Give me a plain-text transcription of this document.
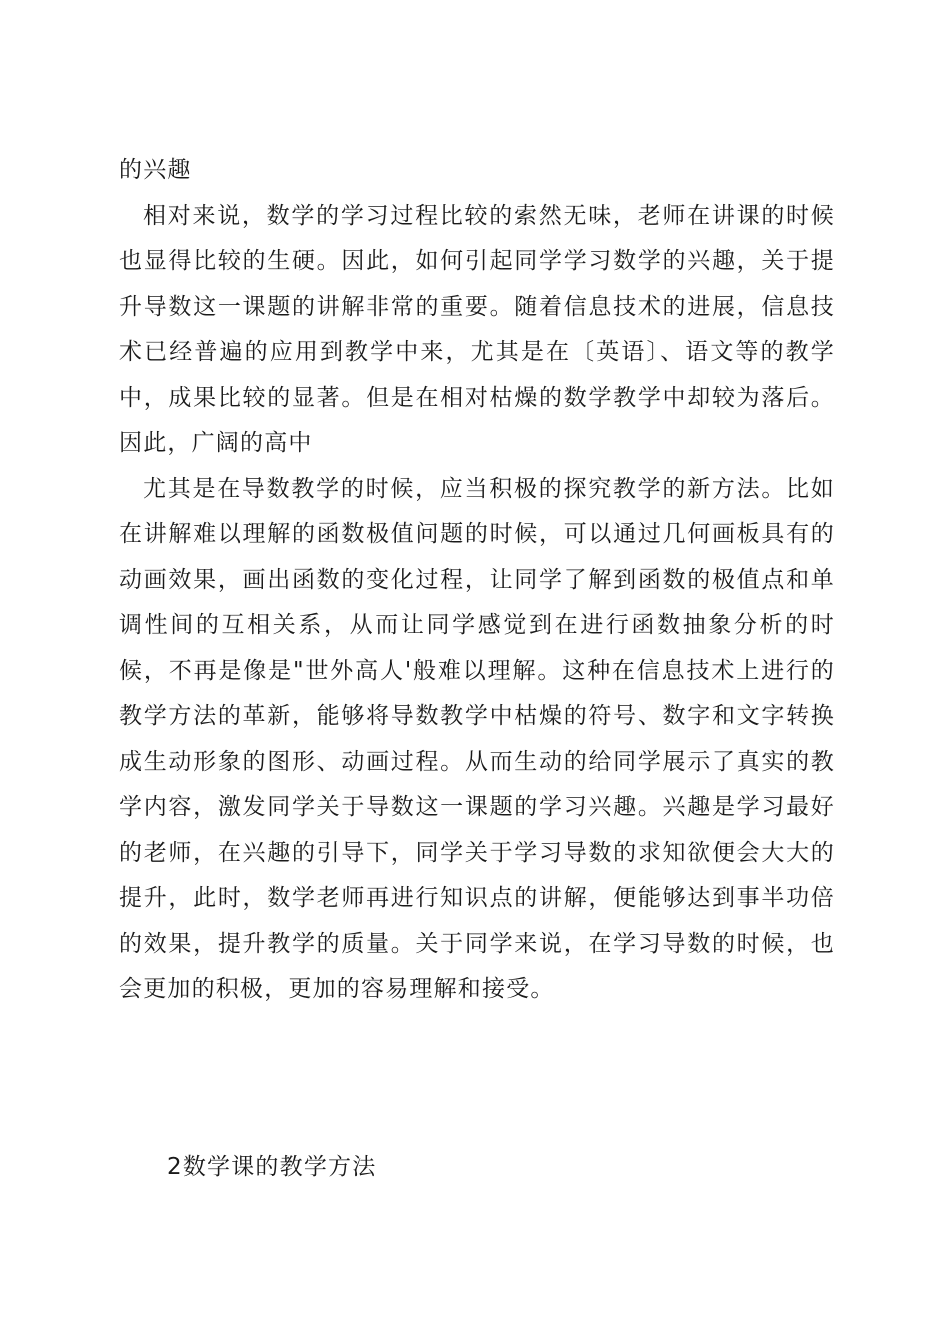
的兴趣

相对来说，数学的学习过程比较的索然无味，老师在讲课的时候也显得比较的生硬。因此，如何引起同学学习数学的兴趣，关于提升导数这一课题的讲解非常的重要。随着信息技术的进展，信息技术已经普遍的应用到教学中来，尤其是在〔英语〕、语文等的教学中，成果比较的显著。但是在相对枯燥的数学教学中却较为落后。因此，广阔的高中

尤其是在导数教学的时候，应当积极的探究教学的新方法。比如在讲解难以理解的函数极值问题的时候，可以通过几何画板具有的动画效果，画出函数的变化过程，让同学了解到函数的极值点和单调性间的互相关系，从而让同学感觉到在进行函数抽象分析的时候，不再是像是"世外高人'般难以理解。这种在信息技术上进行的教学方法的革新，能够将导数教学中枯燥的符号、数字和文字转换成生动形象的图形、动画过程。从而生动的给同学展示了真实的教学内容，激发同学关于导数这一课题的学习兴趣。兴趣是学习最好的老师，在兴趣的引导下，同学关于学习导数的求知欲便会大大的提升，此时，数学老师再进行知识点的讲解，便能够达到事半功倍的效果，提升教学的质量。关于同学来说，在学习导数的时候，也会更加的积极，更加的容易理解和接受。

2数学课的教学方法
